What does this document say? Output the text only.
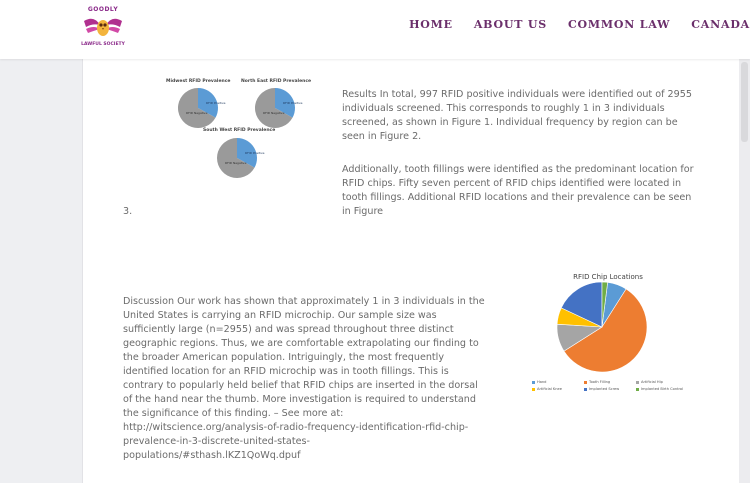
GOODLY
LAWFUL SOCIETY
HOME ABOUT US COMMON LAW CANADA
Midwest RFID Prevalence North East RFID Prevalence
South West RFID Prevalence
RFID Positive
RFID Negative
RFID Positive
RFID Negative
RFID Positive
RFID Negative
Results In total, 997 RFID positive individuals were identified out of 2955 individuals screened. This corresponds to roughly 1 in 3 individuals screened, as shown in Figure 1. Individual frequency by region can be seen in Figure 2.
Additionally, tooth fillings were identified as the predominant location for RFID chips. Fifty seven percent of RFID chips identified were located in tooth fillings. Additional RFID locations and their prevalence can be seen in Figure
3.
RFID Chip Locations
Hand	Tooth Filling	Artificial Hip
Artificial Knee	Implanted Screw	Implanted Birth Control
Discussion Our work has shown that approximately 1 in 3 individuals in the United States is carrying an RFID microchip. Our sample size was sufficiently large (n=2955) and was spread throughout three distinct geographic regions. Thus, we are comfortable extrapolating our finding to the broader American population. Intriguingly, the most frequently identified location for an RFID microchip was in tooth fillings. This is contrary to popularly held belief that RFID chips are inserted in the dorsal of the hand near the thumb. More investigation is required to understand the significance of this finding. – See more at: http://witscience.org/analysis-of-radio-frequency-identification-rfid-chip-prevalence-in-3-discrete-united-states-populations/#sthash.lKZ1QoWq.dpuf
